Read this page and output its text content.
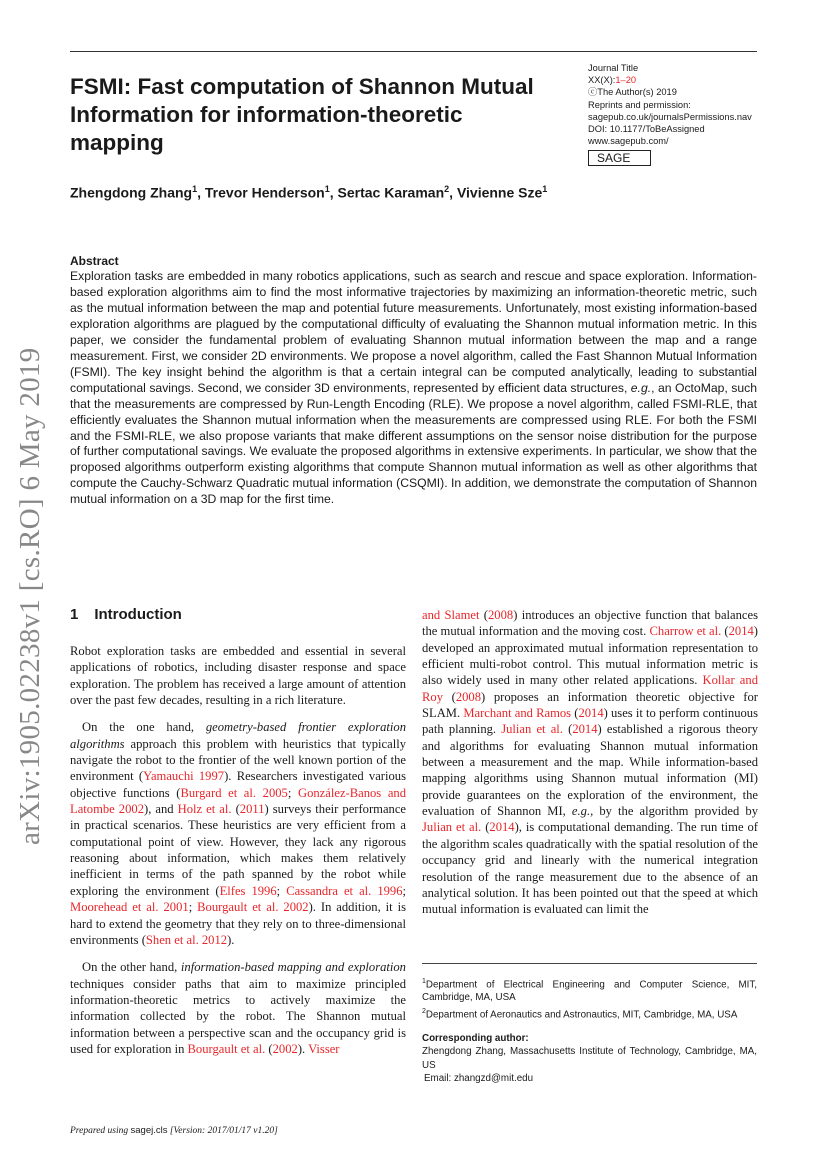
FSMI: Fast computation of Shannon Mutual Information for information-theoretic mapping
Journal Title
XX(X):1–20
ⓒThe Author(s) 2019
Reprints and permission:
sagepub.co.uk/journalsPermissions.nav
DOI: 10.1177/ToBeAssigned
www.sagepub.com/
SAGE
Zhengdong Zhang$^1$, Trevor Henderson$^1$, Sertac Karaman$^2$, Vivienne Sze$^1$
Abstract
Exploration tasks are embedded in many robotics applications, such as search and rescue and space exploration. Information-based exploration algorithms aim to find the most informative trajectories by maximizing an information-theoretic metric, such as the mutual information between the map and potential future measurements. Unfortunately, most existing information-based exploration algorithms are plagued by the computational difficulty of evaluating the Shannon mutual information metric. In this paper, we consider the fundamental problem of evaluating Shannon mutual information between the map and a range measurement. First, we consider 2D environments. We propose a novel algorithm, called the Fast Shannon Mutual Information (FSMI). The key insight behind the algorithm is that a certain integral can be computed analytically, leading to substantial computational savings. Second, we consider 3D environments, represented by efficient data structures, e.g., an OctoMap, such that the measurements are compressed by Run-Length Encoding (RLE). We propose a novel algorithm, called FSMI-RLE, that efficiently evaluates the Shannon mutual information when the measurements are compressed using RLE. For both the FSMI and the FSMI-RLE, we also propose variants that make different assumptions on the sensor noise distribution for the purpose of further computational savings. We evaluate the proposed algorithms in extensive experiments. In particular, we show that the proposed algorithms outperform existing algorithms that compute Shannon mutual information as well as other algorithms that compute the Cauchy-Schwarz Quadratic mutual information (CSQMI). In addition, we demonstrate the computation of Shannon mutual information on a 3D map for the first time.
arXiv:1905.02238v1 [cs.RO] 6 May 2019 1 Introduction

Robot exploration tasks are embedded and essential in several applications of robotics, including disaster response and space exploration. The problem has received a large amount of attention over the past few decades, resulting in a rich literature.

On the one hand, geometry-based frontier exploration algorithms approach this problem with heuristics that typically navigate the robot to the frontier of the well known portion of the environment (Yamauchi 1997). Researchers investigated various objective functions (Burgard et al. 2005; González-Banos and Latombe 2002), and Holz et al. (2011) surveys their performance in practical scenarios. These heuristics are very efficient from a computational point of view. However, they lack any rigorous reasoning about information, which makes them relatively inefficient in terms of the path spanned by the robot while exploring the environment (Elfes 1996; Cassandra et al. 1996; Moorehead et al. 2001; Bourgault et al. 2002). In addition, it is hard to extend the geometry that they rely on to three-dimensional environments (Shen et al. 2012).

On the other hand, information-based mapping and exploration techniques consider paths that aim to maximize principled information-theoretic metrics to actively maximize the information collected by the robot. The Shannon mutual information between a perspective scan and the occupancy grid is used for exploration in Bourgault et al. (2002). Visser

and Slamet (2008) introduces an objective function that balances the mutual information and the moving cost. Charrow et al. (2014) developed an approximated mutual information representation to efficient multi-robot control. This mutual information metric is also widely used in many other related applications. Kollar and Roy (2008) proposes an information theoretic objective for SLAM. Marchant and Ramos (2014) uses it to perform continuous path planning. Julian et al. (2014) established a rigorous theory and algorithms for evaluating Shannon mutual information between a measurement and the map. While information-based mapping algorithms using Shannon mutual information (MI) provide guarantees on the exploration of the environment, the evaluation of Shannon MI, e.g., by the algorithm provided by Julian et al. (2014), is computational demanding. The run time of the algorithm scales quadratically with the spatial resolution of the occupancy grid and linearly with the numerical integration resolution of the range measurement due to the absence of an analytical solution. It has been pointed out that the speed at which mutual information is evaluated can limit the

$^1$Department of Electrical Engineering and Computer Science, MIT, Cambridge, MA, USA
$^2$Department of Aeronautics and Astronautics, MIT, Cambridge, MA, USA
Corresponding author:
Zhengdong Zhang, Massachusetts Institute of Technology, Cambridge, MA, US
Email: zhangzd@mit.edu
Prepared using sagej.cls [Version: 2017/01/17 v1.20]
